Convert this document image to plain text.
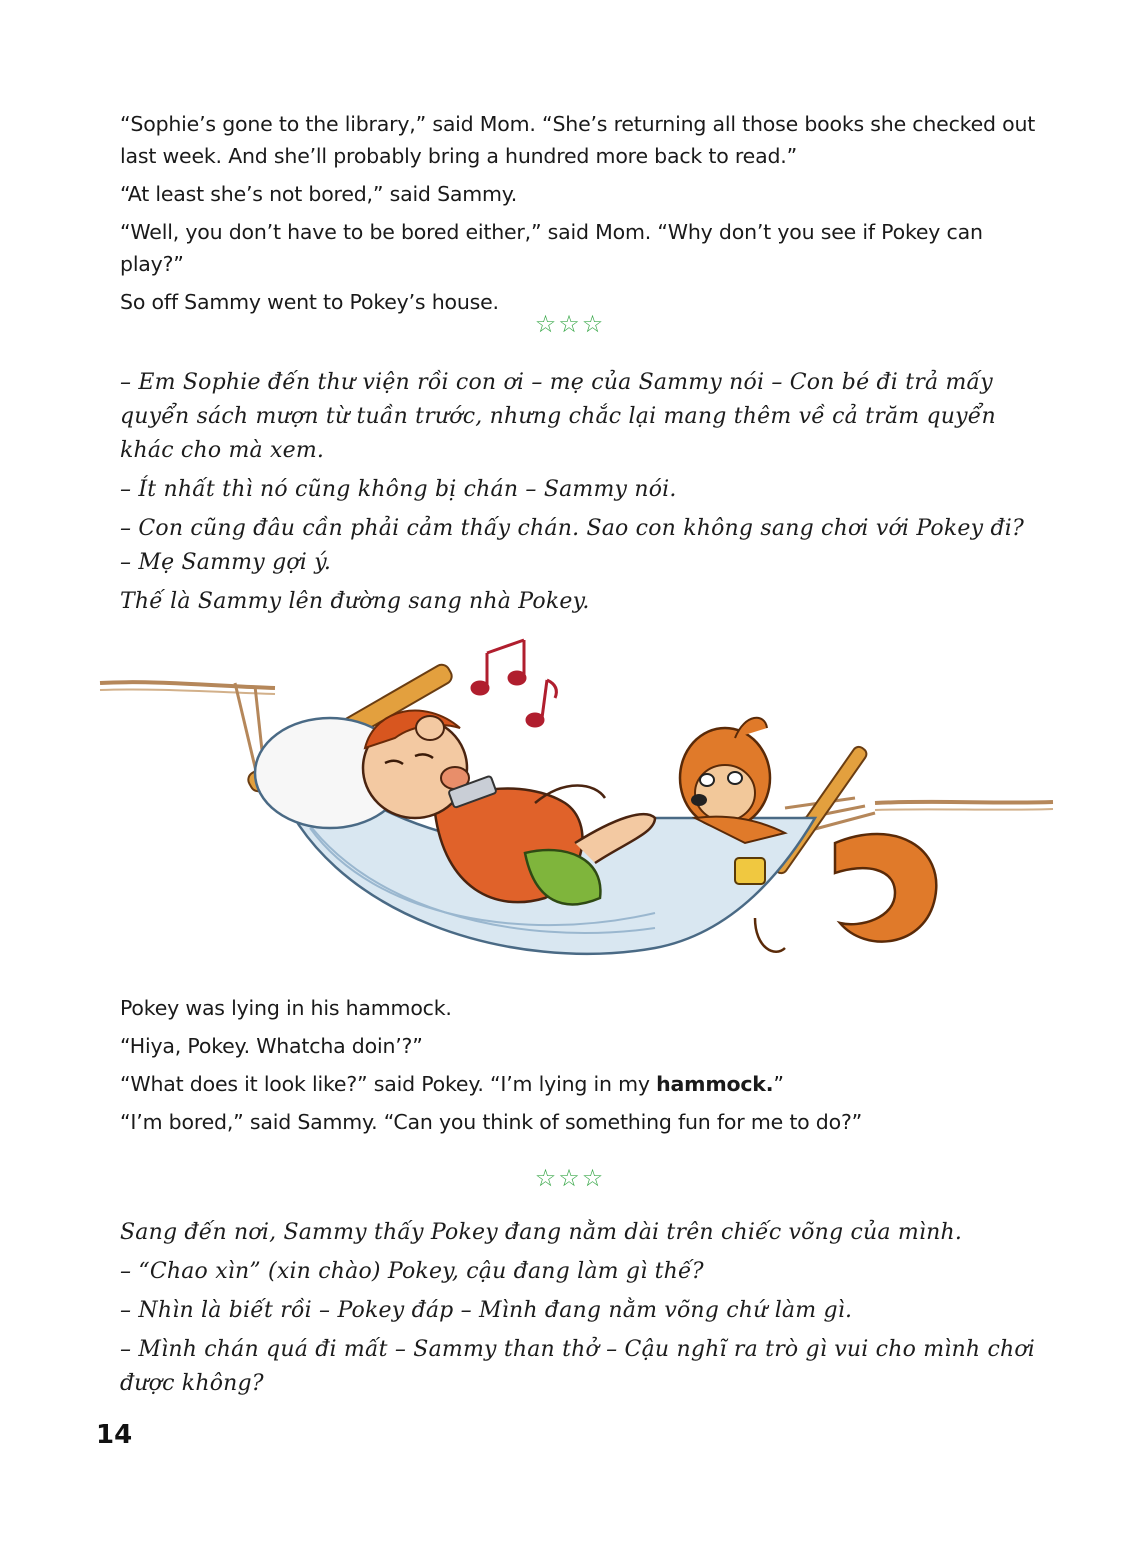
“Sophie’s gone to the library,” said Mom. “She’s returning all those books she checked out last week. And she’ll probably bring a hundred more back to read.”

“At least she’s not bored,” said Sammy.

“Well, you don’t have to be bored either,” said Mom. “Why don’t you see if Pokey can play?”

So off Sammy went to Pokey’s house.

☆☆☆

– Em Sophie đến thư viện rồi con ơi – mẹ của Sammy nói – Con bé đi trả mấy quyển sách mượn từ tuần trước, nhưng chắc lại mang thêm về cả trăm quyển khác cho mà xem.

– Ít nhất thì nó cũng không bị chán – Sammy nói.

– Con cũng đâu cần phải cảm thấy chán. Sao con không sang chơi với Pokey đi? – Mẹ Sammy gợi ý.

Thế là Sammy lên đường sang nhà Pokey.

Pokey was lying in his hammock.

“Hiya, Pokey. Whatcha doin’?”

“What does it look like?” said Pokey. “I’m lying in my hammock.”

“I’m bored,” said Sammy. “Can you think of something fun for me to do?”

☆☆☆

Sang đến nơi, Sammy thấy Pokey đang nằm dài trên chiếc võng của mình.

– “Chao xìn” (xin chào) Pokey, cậu đang làm gì thế?

– Nhìn là biết rồi – Pokey đáp – Mình đang nằm võng chứ làm gì.

– Mình chán quá đi mất – Sammy than thở – Cậu nghĩ ra trò gì vui cho mình chơi được không?

14
